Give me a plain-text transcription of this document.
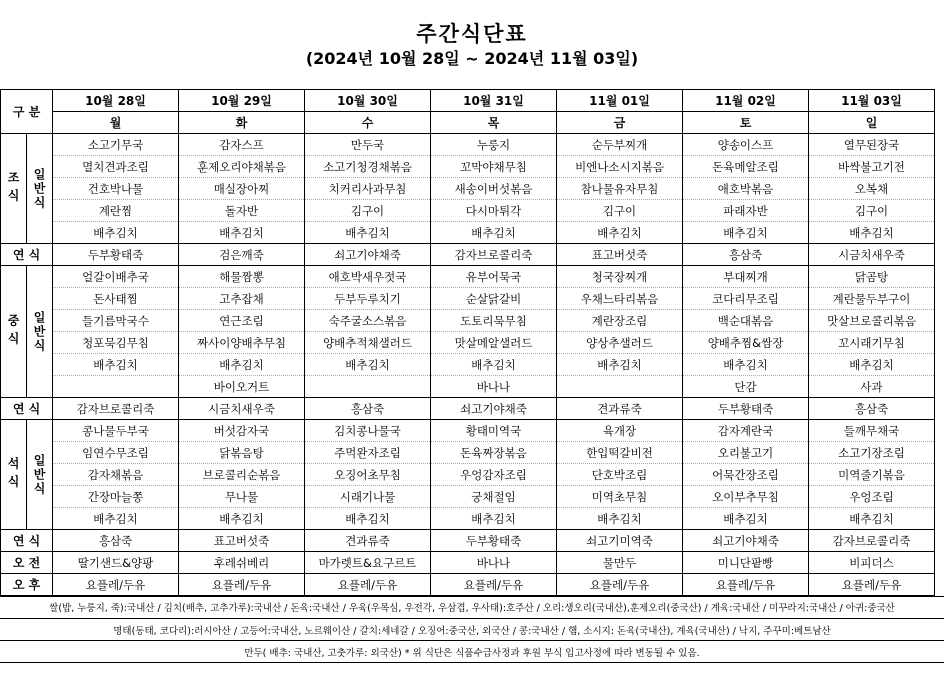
주간식단표
(2024년 10월 28일 ~ 2024년 11월 03일)
구 분		10월 28일	10월 29일	10월 30일	10월 31일	11월 01일	11월 02일	11월 03일
		월	화	수	목	금	토	일
조식	일반식	소고기무국	감자스프	만두국	누룽지	순두부찌개	양송이스프	열무된장국
		멸치견과조림	훈제오리야채볶음	소고기청경채볶음	꼬막야채무침	비엔나소시지볶음	돈육메알조림	바싹불고기전
		건호박나물	매실장아찌	치커리사과무침	새송이버섯볶음	참나물유자무침	애호박볶음	오복채
		계란찜	돌자반	김구이	다시마튀각	김구이	파래자반	김구이
		배추김치	배추김치	배추김치	배추김치	배추김치	배추김치	배추김치
연 식		두부황태죽	검은깨죽	쇠고기야채죽	감자브로콜리죽	표고버섯죽	흥삼죽	시금치새우죽
중식	일반식	얼갈이배추국	해물짬뽕	애호박새우젓국	유부어묵국	청국장찌개	부대찌개	닭곰탕
		돈사태찜	고추잡채	두부두루치기	순살닭갈비	우채느타리볶음	코다리무조림	계란물두부구이
		들기름막국수	연근조림	숙주굴소스볶음	도토리묵무침	계란장조림	백순대볶음	맛살브로콜리볶음
		청포묵김무침	짜사이양배추무침	양배추적채샐러드	맛살메알샐러드	양상추샐러드	양배추찜&쌈장	꼬시래기무침
		배추김치	배추김치	배추김치	배추김치	배추김치	배추김치	배추김치
			바이오거트		바나나		단감	사과
연 식		감자브로콜리죽	시금치새우죽	흥삼죽	쇠고기야채죽	견과류죽	두부황태죽	흥삼죽
석식	일반식	콩나물두부국	버섯감자국	김치콩나물국	황태미역국	육개장	감자계란국	들깨무채국
		임연수무조림	닭볶음탕	주먹완자조림	돈육짜장볶음	한입떡갈비전	오리불고기	소고기장조림
		감자채볶음	브로콜리순볶음	오징어초무침	우엉감자조림	단호박조림	어묵간장조림	미역줄기볶음
		간장마늘쫑	무나물	시래기나물	궁채절임	미역초무침	오이부추무침	우엉조림
		배추김치	배추김치	배추김치	배추김치	배추김치	배추김치	배추김치
연 식		흥삼죽	표고버섯죽	견과류죽	두부황태죽	쇠고기미역죽	쇠고기야채죽	감자브로콜리죽
오 전		딸기샌드&양팡	후레쉬베리	마가렛트&요구르트	바나나	물만두	미니단팥빵	비피더스
오 후		요플레/두유	요플레/두유	요플레/두유	요플레/두유	요플레/두유	요플레/두유	요플레/두유
쌀(밥, 누룽지, 죽):국내산 / 김치(배추, 고추가루):국내산 / 돈육:국내산 / 우육(우목심, 우전각, 우삼겹, 우사태):호주산 / 오리:생오리(국내산),훈제오리(중국산) / 계육:국내산 / 미꾸라지:국내산 / 아귀:중국산
명태(동태, 코다리):러시아산 / 고등어:국내산, 노르웨이산 / 갈치:세네갈 / 오징어:중국산, 외국산 / 콩:국내산 / 햄, 소시지: 돈육(국내산), 계육(국내산) / 낙지, 주꾸미:베트남산
만두( 배추: 국내산, 고춧가루: 외국산) * 위 식단은 식품수급사정과 후원 부식 입고사정에 따라 변동될 수 있음.
